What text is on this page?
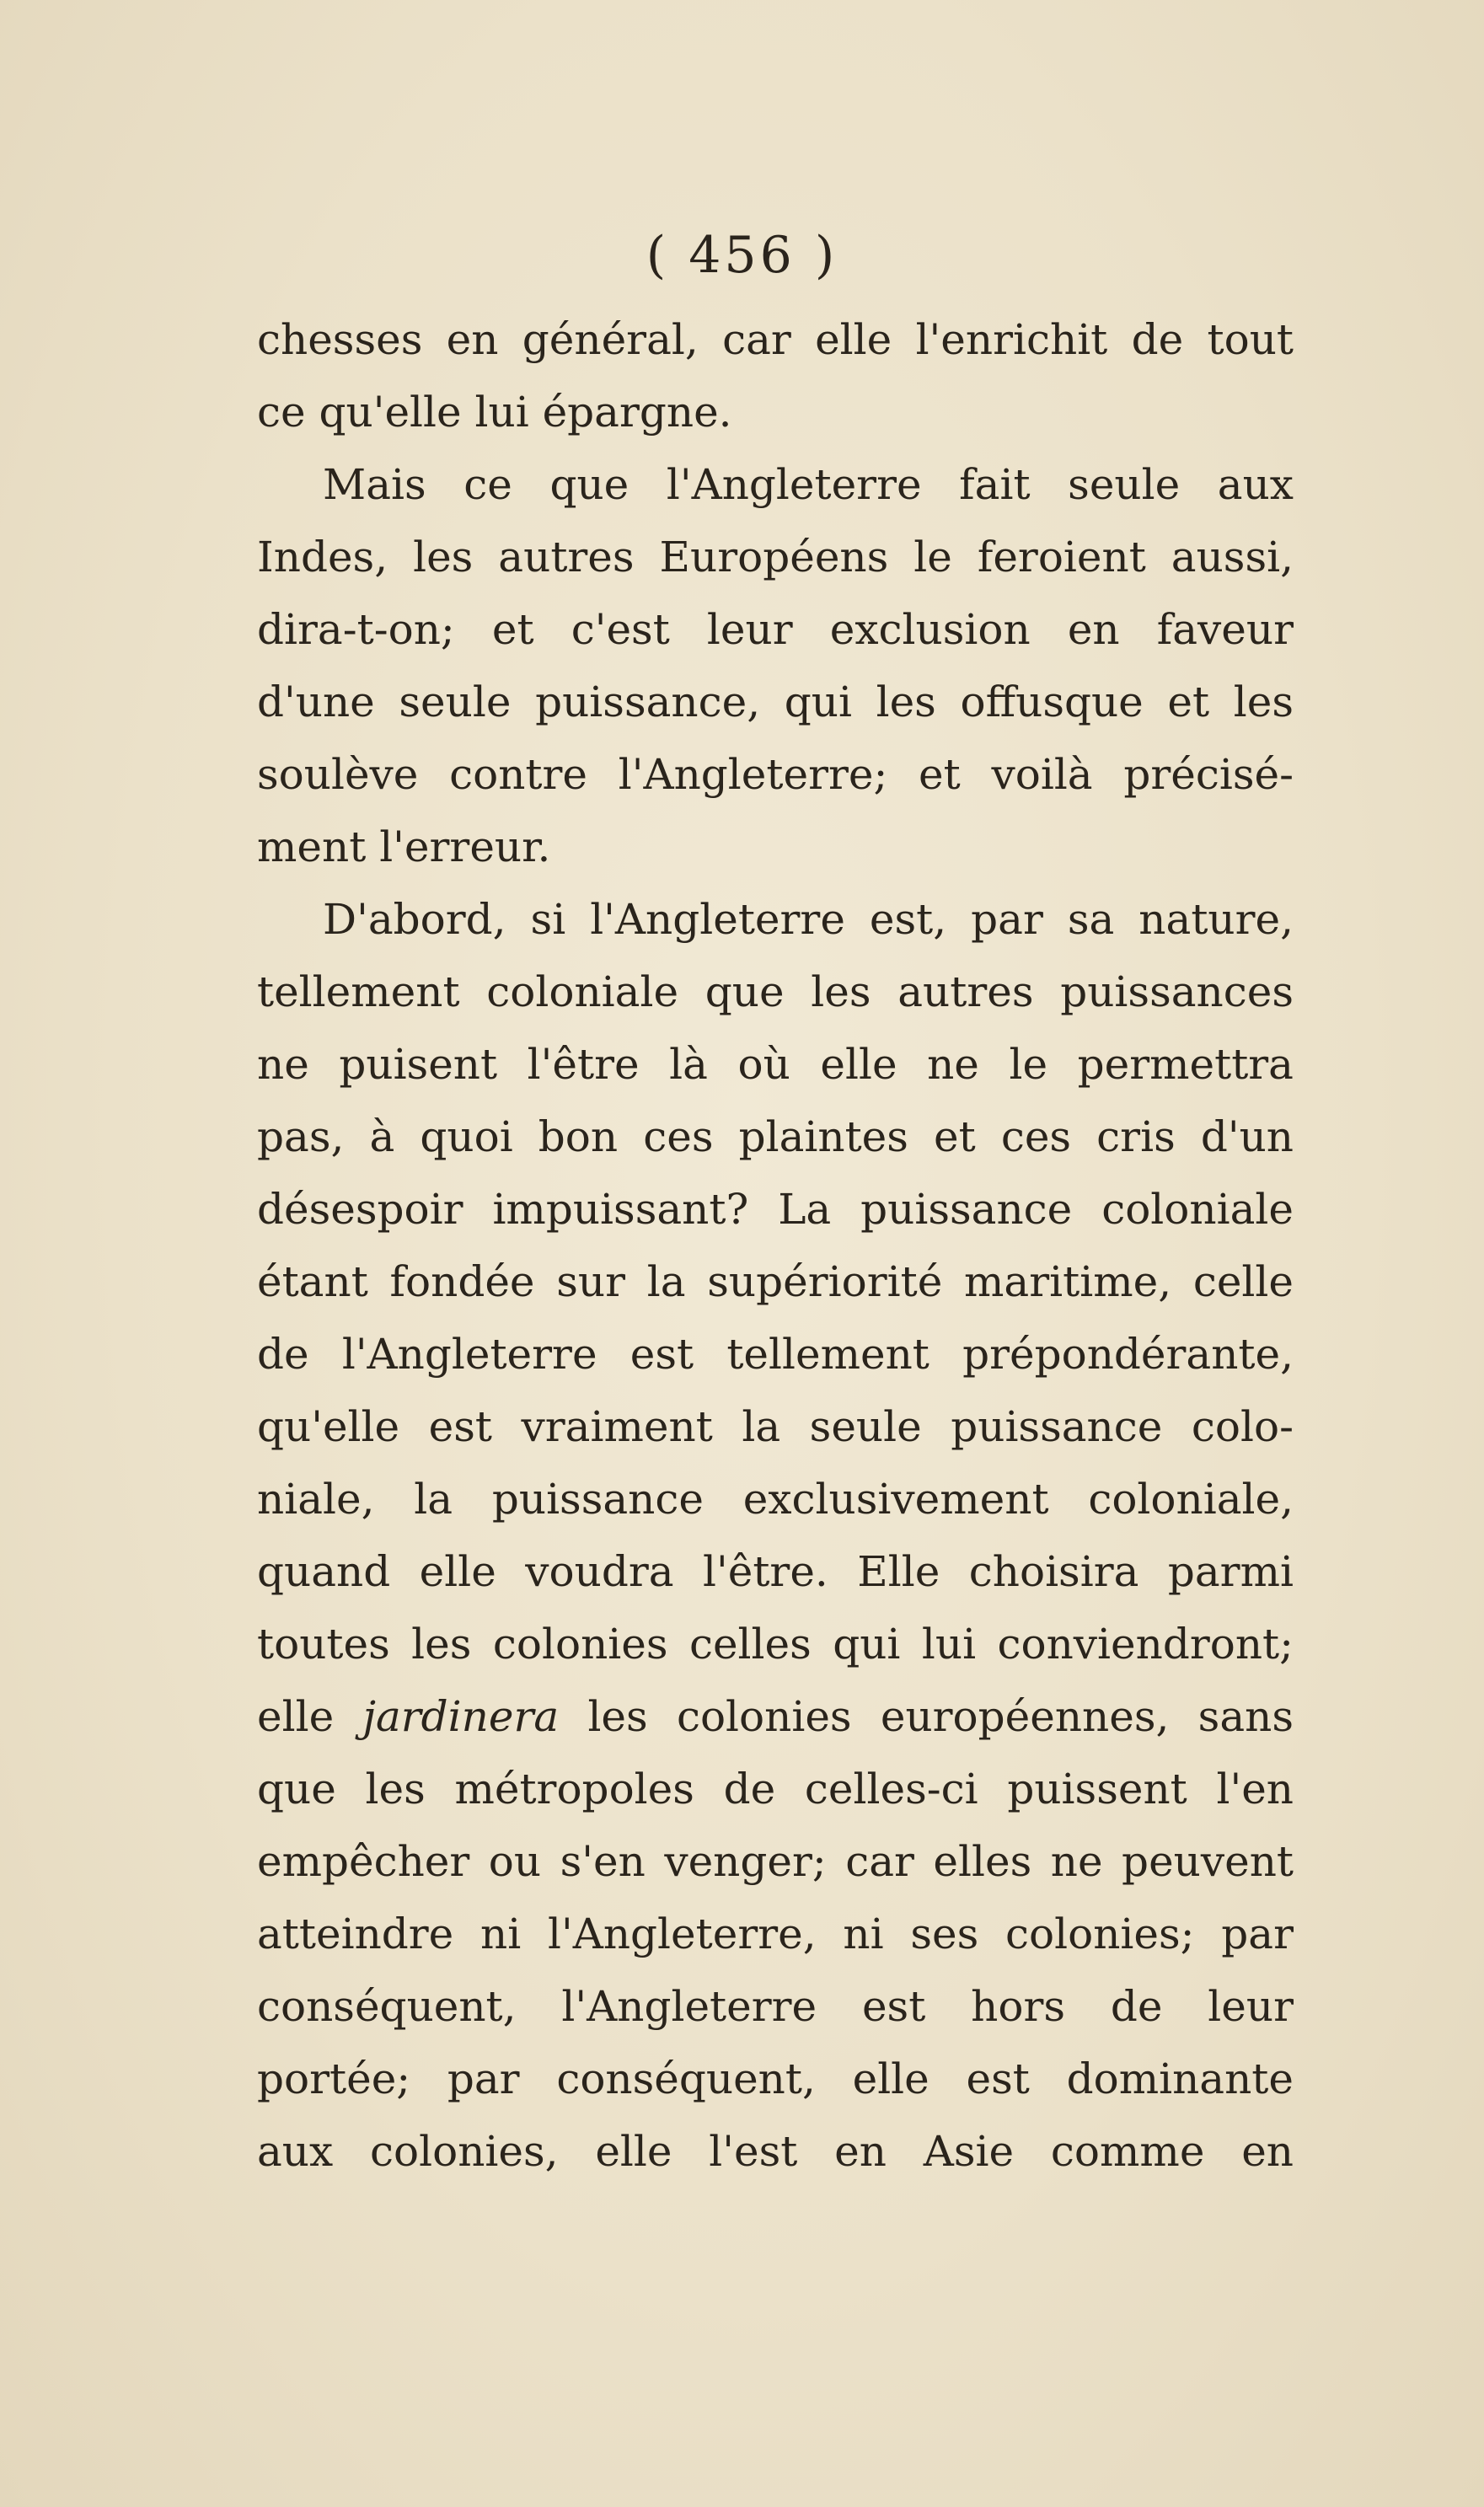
( 456 )
chesses en général, car elle l'enrichit de tout
ce qu'elle lui épargne.
Mais ce que l'Angleterre fait seule aux
Indes, les autres Européens le feroient aussi,
dira-t-on; et c'est leur exclusion en faveur
d'une seule puissance, qui les offusque et les
soulève contre l'Angleterre; et voilà précisé-
ment l'erreur.
D'abord, si l'Angleterre est, par sa nature,
tellement coloniale que les autres puissances
ne puisent l'être là où elle ne le permettra
pas, à quoi bon ces plaintes et ces cris d'un
désespoir impuissant? La puissance coloniale
étant fondée sur la supériorité maritime, celle
de l'Angleterre est tellement prépondérante,
qu'elle est vraiment la seule puissance colo-
niale, la puissance exclusivement coloniale,
quand elle voudra l'être. Elle choisira parmi
toutes les colonies celles qui lui conviendront;
elle jardinera les colonies européennes, sans
que les métropoles de celles-ci puissent l'en
empêcher ou s'en venger; car elles ne peuvent
atteindre ni l'Angleterre, ni ses colonies; par
conséquent, l'Angleterre est hors de leur
portée; par conséquent, elle est dominante
aux colonies, elle l'est en Asie comme en
